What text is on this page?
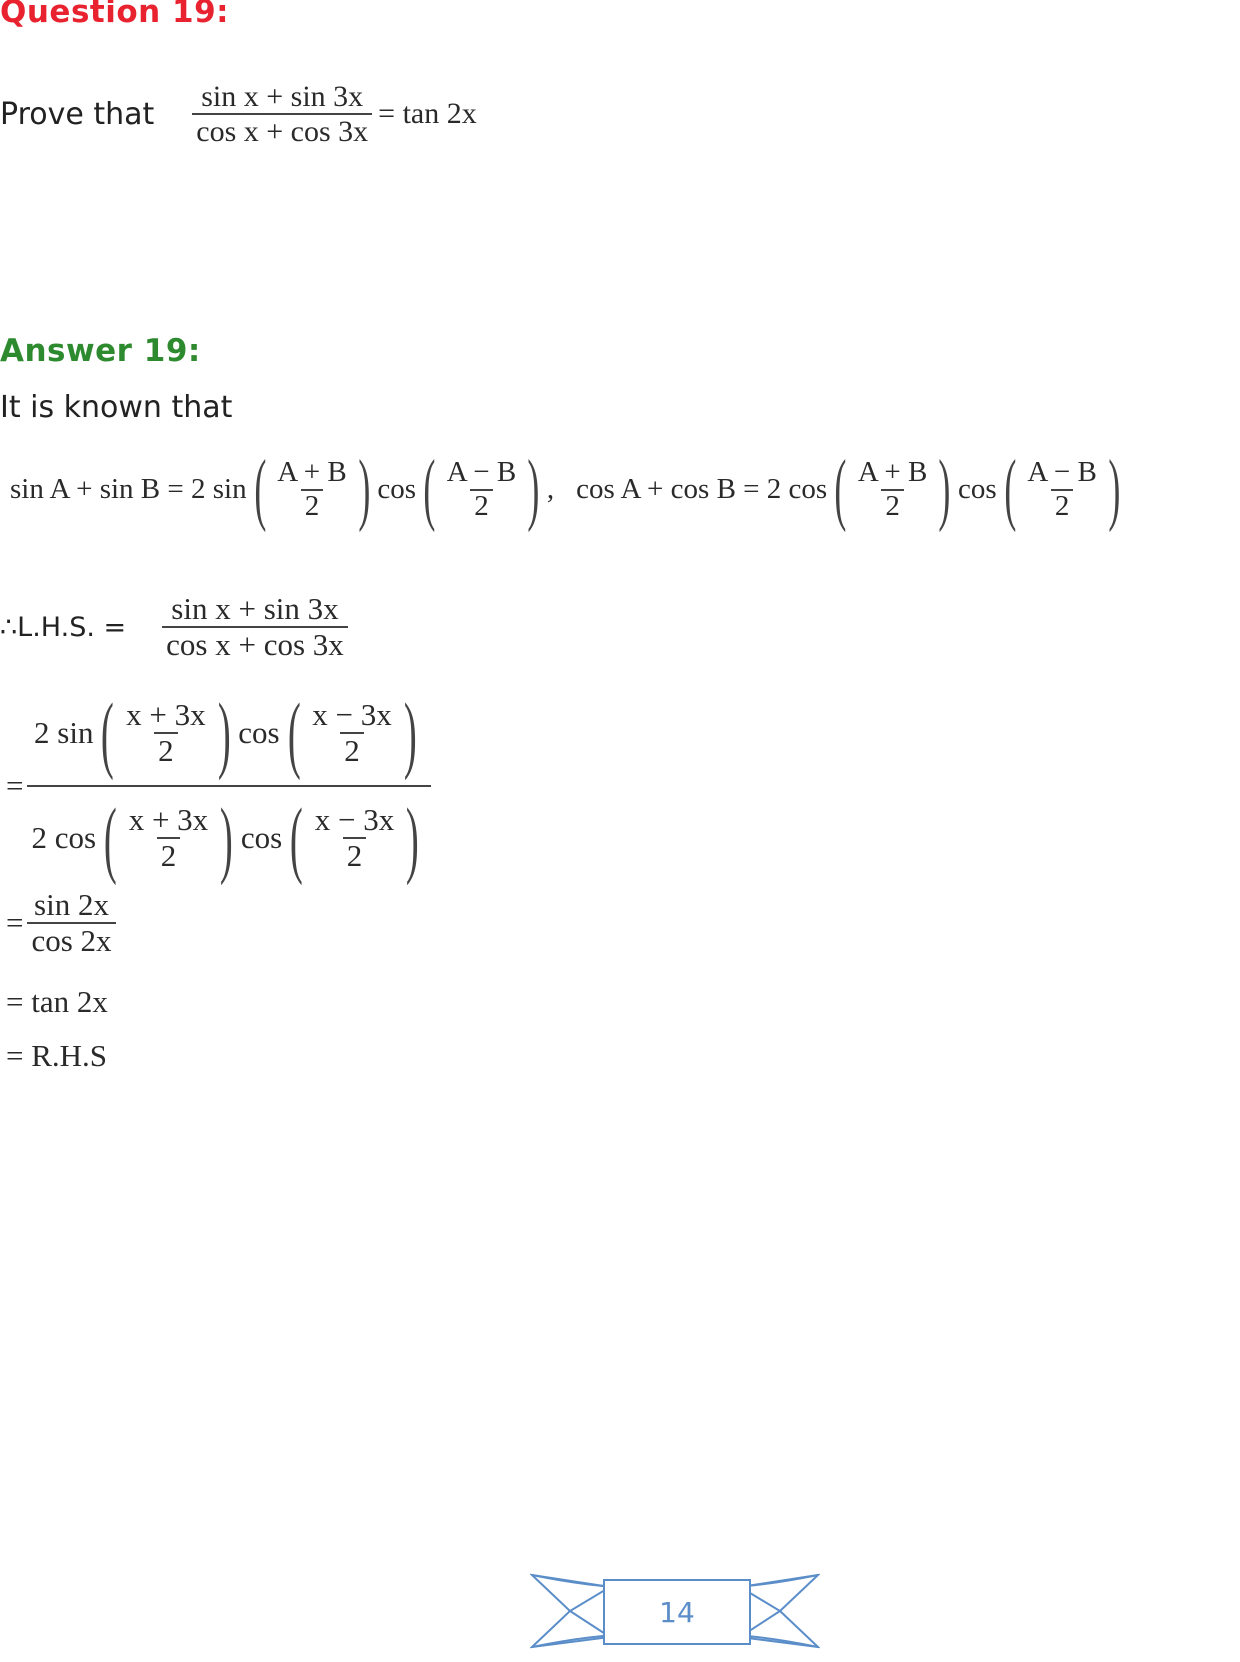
Question 19:
Prove that $\frac{\text{sin x + sin 3x}}{\text{cos x + cos 3x}} = \tan 2x$
Answer 19:
It is known that
sin A + sin B = 2 sin ( $\frac{A + B}{2}$ ) cos ( $\frac{A - B}{2}$ ) , cos A + cos B = 2 cos ( $\frac{A + B}{2}$ ) cos ( $\frac{A - B}{2}$ )
∴L.H.S. = $\frac{\text{sin x + sin 3x}}{\text{cos x + cos 3x}}$
=
2 sin ( $\frac{x + 3x}{2}$ ) cos ( $\frac{x - 3x}{2}$ )
2 cos ( $\frac{x + 3x}{2}$ ) cos ( $\frac{x - 3x}{2}$ )
= $\frac{\sin 2x}{\cos 2x}$
= tan 2x
= R.H.S
14
